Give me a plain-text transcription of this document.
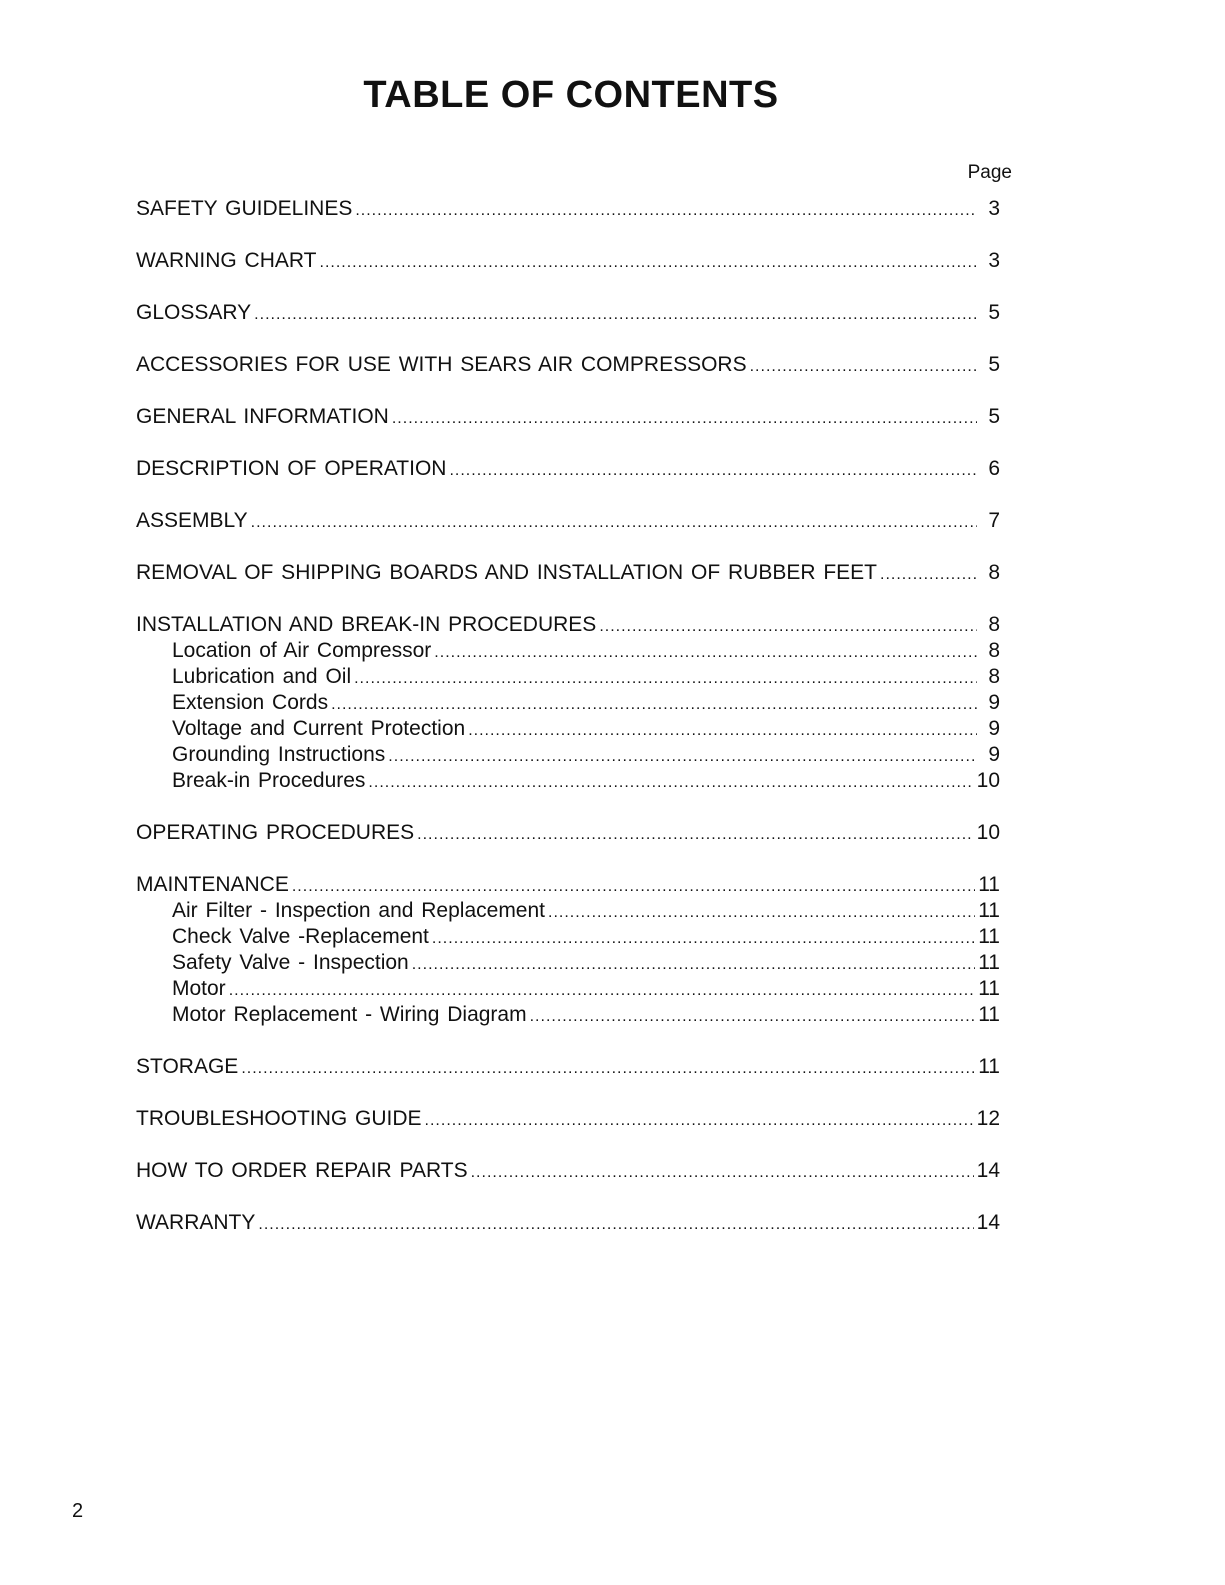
TABLE OF CONTENTS
Page
SAFETY GUIDELINES .....	3
WARNING CHART .....	3
GLOSSARY .....	5
ACCESSORIES FOR USE WITH SEARS AIR COMPRESSORS .....	5
GENERAL INFORMATION .....	5
DESCRIPTION OF OPERATION .....	6
ASSEMBLY .....	7
REMOVAL OF SHIPPING BOARDS AND INSTALLATION OF RUBBER FEET .....	8
INSTALLATION AND BREAK-IN PROCEDURES .....	8
Location of Air Compressor .....	8
Lubrication and Oil .....	8
Extension Cords .....	9
Voltage and Current Protection .....	9
Grounding Instructions .....	9
Break-in Procedures .....	10
OPERATING PROCEDURES .....	10
MAINTENANCE .....	11
Air Filter - Inspection and Replacement .....	11
Check Valve -Replacement .....	11
Safety Valve - Inspection .....	11
Motor .....	11
Motor Replacement - Wiring Diagram .....	11
STORAGE .....	11
TROUBLESHOOTING GUIDE .....	12
HOW TO ORDER REPAIR PARTS .....	14
WARRANTY .....	14
2
